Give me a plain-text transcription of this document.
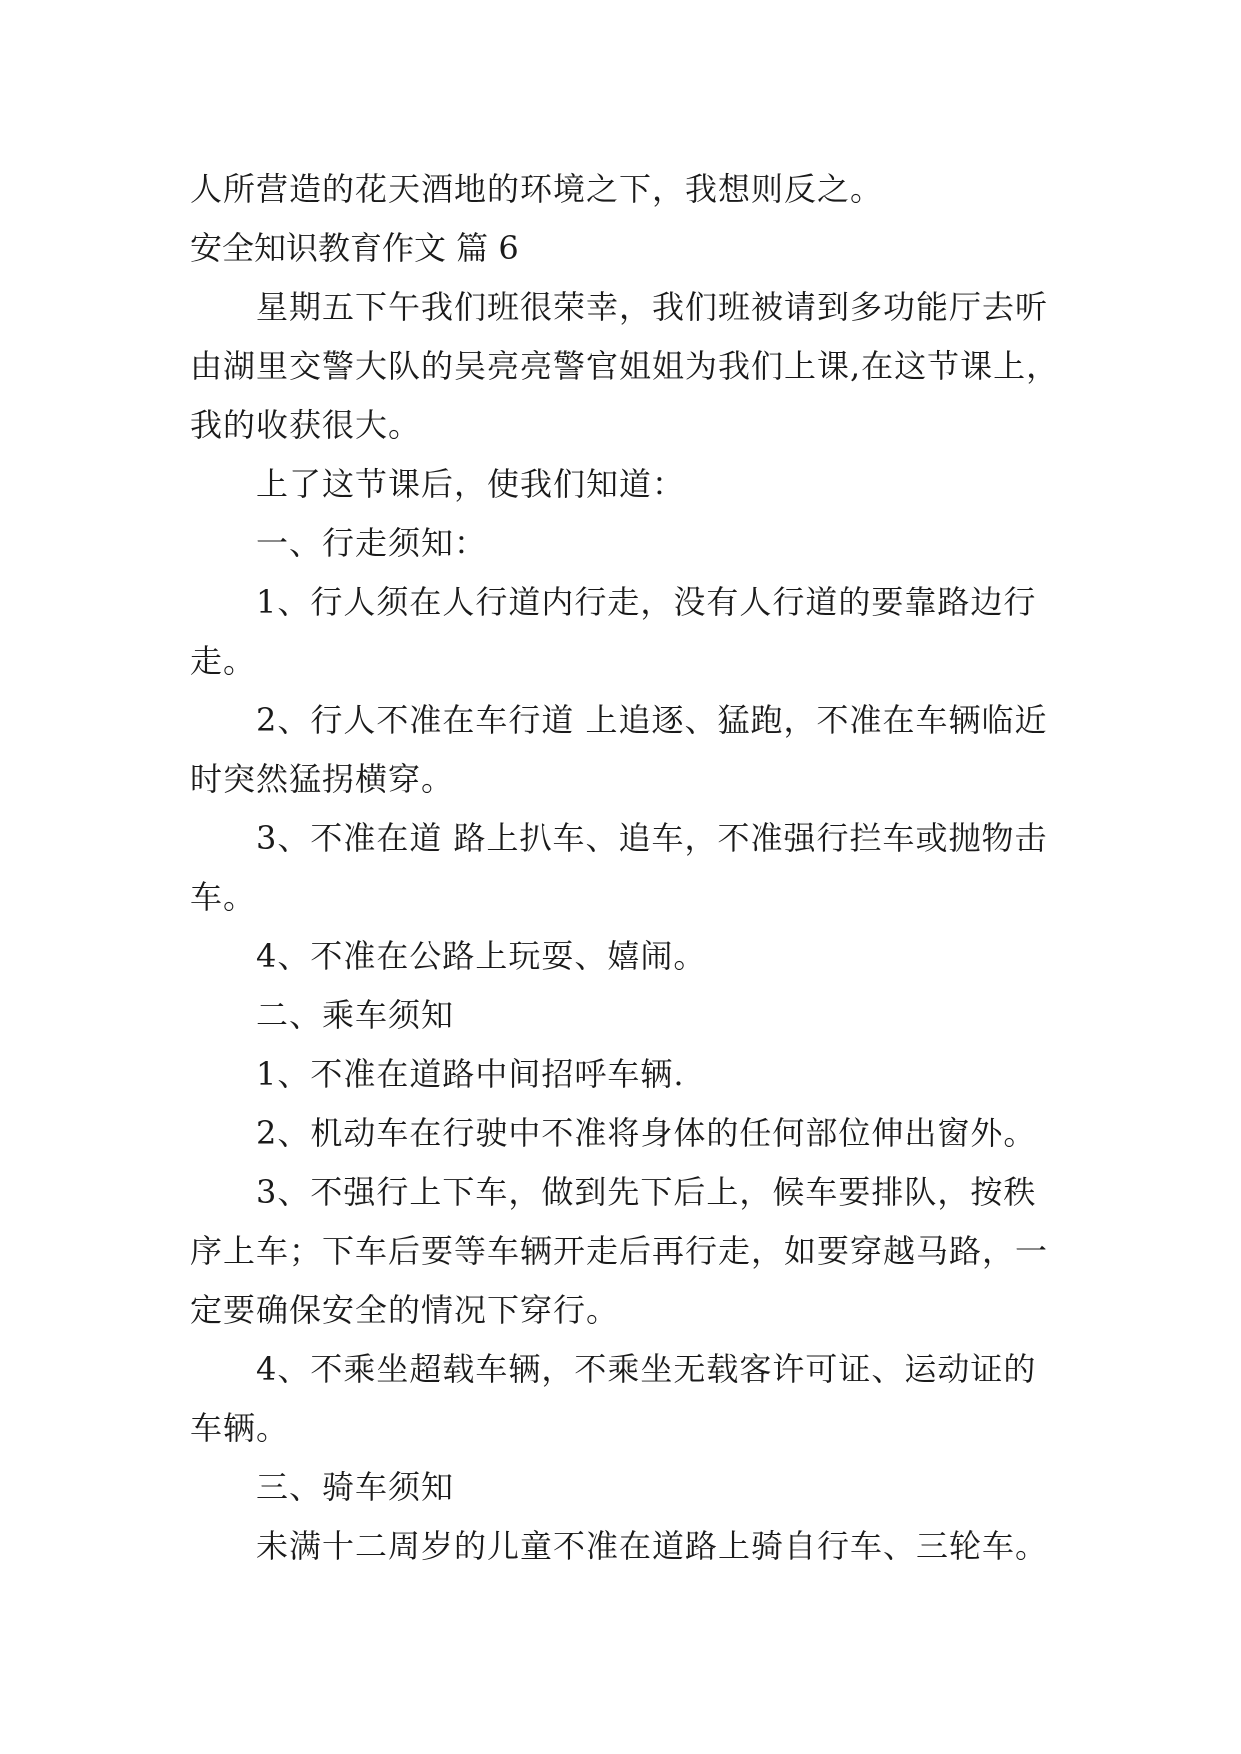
人所营造的花天酒地的环境之下，我想则反之。
安全知识教育作文 篇 6
星期五下午我们班很荣幸，我们班被请到多功能厅去听
由湖里交警大队的吴亮亮警官姐姐为我们上课,在这节课上，
我的收获很大。
上了这节课后，使我们知道：
一、行走须知：
1、行人须在人行道内行走，没有人行道的要靠路边行
走。
2、行人不准在车行道 上追逐、猛跑，不准在车辆临近
时突然猛拐横穿。
3、不准在道 路上扒车、追车，不准强行拦车或抛物击
车。
4、不准在公路上玩耍、嬉闹。
二、乘车须知
1、不准在道路中间招呼车辆.
2、机动车在行驶中不准将身体的任何部位伸出窗外。
3、不强行上下车，做到先下后上，候车要排队，按秩
序上车；下车后要等车辆开走后再行走，如要穿越马路，一
定要确保安全的情况下穿行。
4、不乘坐超载车辆，不乘坐无载客许可证、运动证的
车辆。
三、骑车须知
未满十二周岁的儿童不准在道路上骑自行车、三轮车。
